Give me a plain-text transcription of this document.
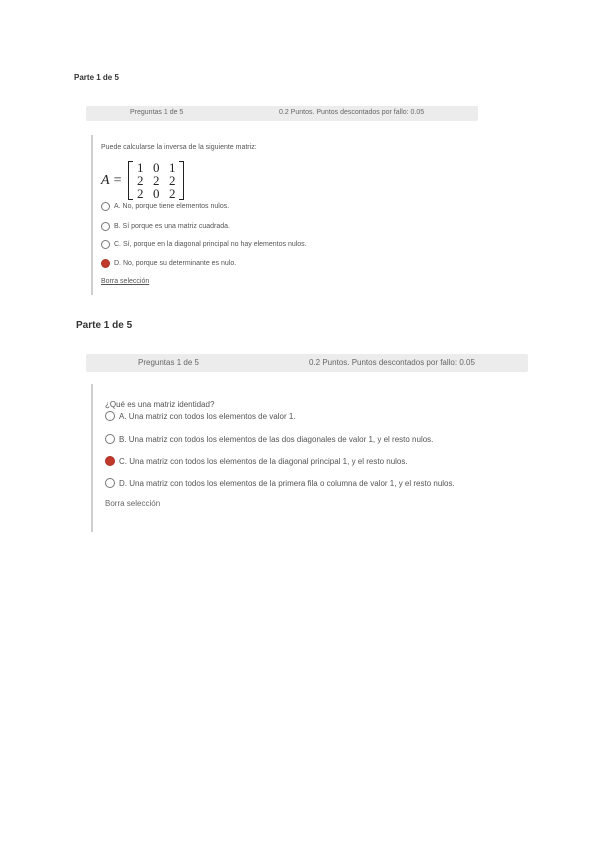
Parte 1 de 5
Preguntas 1 de 5	0.2 Puntos. Puntos descontados por fallo: 0.05
Puede calcularse la inversa de la siguiente matriz:
A =
1 0 1
2 2 2
2 0 2
A. No, porque tiene elementos nulos.
B. Sí porque es una matriz cuadrada.
C. Sí, porque en la diagonal principal no hay elementos nulos.
D. No, porque su determinante es nulo.
Borra selección
Parte 1 de 5
Preguntas 1 de 5	0.2 Puntos. Puntos descontados por fallo: 0.05
¿Qué es una matriz identidad?
A. Una matriz con todos los elementos de valor 1.
B. Una matriz con todos los elementos de las dos diagonales de valor 1, y el resto nulos.
C. Una matriz con todos los elementos de la diagonal principal 1, y el resto nulos.
D. Una matriz con todos los elementos de la primera fila o columna de valor 1, y el resto nulos.
Borra selección
